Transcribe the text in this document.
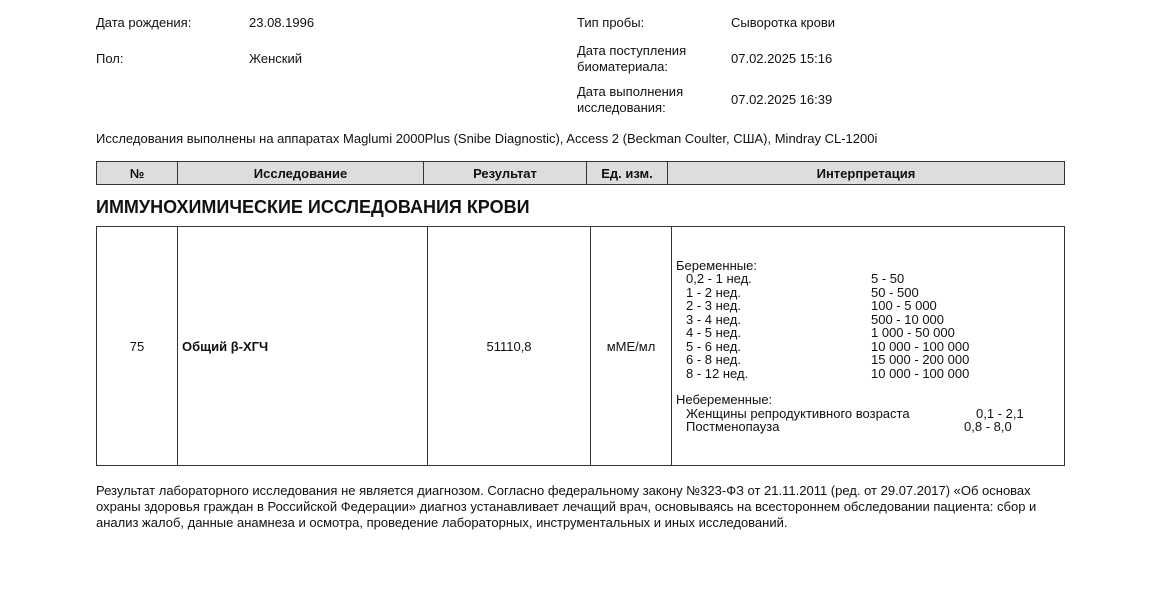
Дата рождения:	23.08.1996
Пол:	Женский
Тип пробы:	Сыворотка крови
Дата поступления биоматериала:
07.02.2025 15:16
Дата выполнения исследования:
07.02.2025 16:39
Исследования выполнены на аппаратах Maglumi 2000Plus (Snibe Diagnostic), Access 2 (Beckman Coulter, США), Mindray CL-1200i
№	Исследование	Результат	Ед. изм.	Интерпретация
ИММУНОХИМИЧЕСКИЕ ИССЛЕДОВАНИЯ КРОВИ
75	Общий β-ХГЧ	51110,8	мМЕ/мл	
Беременные:
0,2 - 1 нед.	5 - 50
1 - 2 нед.	50 - 500
2 - 3 нед.	100 - 5 000
3 - 4 нед.	500 - 10 000
4 - 5 нед.	1 000 - 50 000
5 - 6 нед.	10 000 - 100 000
6 - 8 нед.	15 000 - 200 000
8 - 12 нед.	10 000 - 100 000
Небеременные:
Женщины репродуктивного возраста	0,1 - 2,1
Постменопауза	0,8 - 8,0
Результат лабораторного исследования не является диагнозом. Согласно федеральному закону №323-ФЗ от 21.11.2011 (ред. от 29.07.2017) «Об основах охраны здоровья граждан в Российской Федерации» диагноз устанавливает лечащий врач, основываясь на всестороннем обследовании пациента: сбор и анализ жалоб, данные анамнеза и осмотра, проведение лабораторных, инструментальных и иных исследований.
